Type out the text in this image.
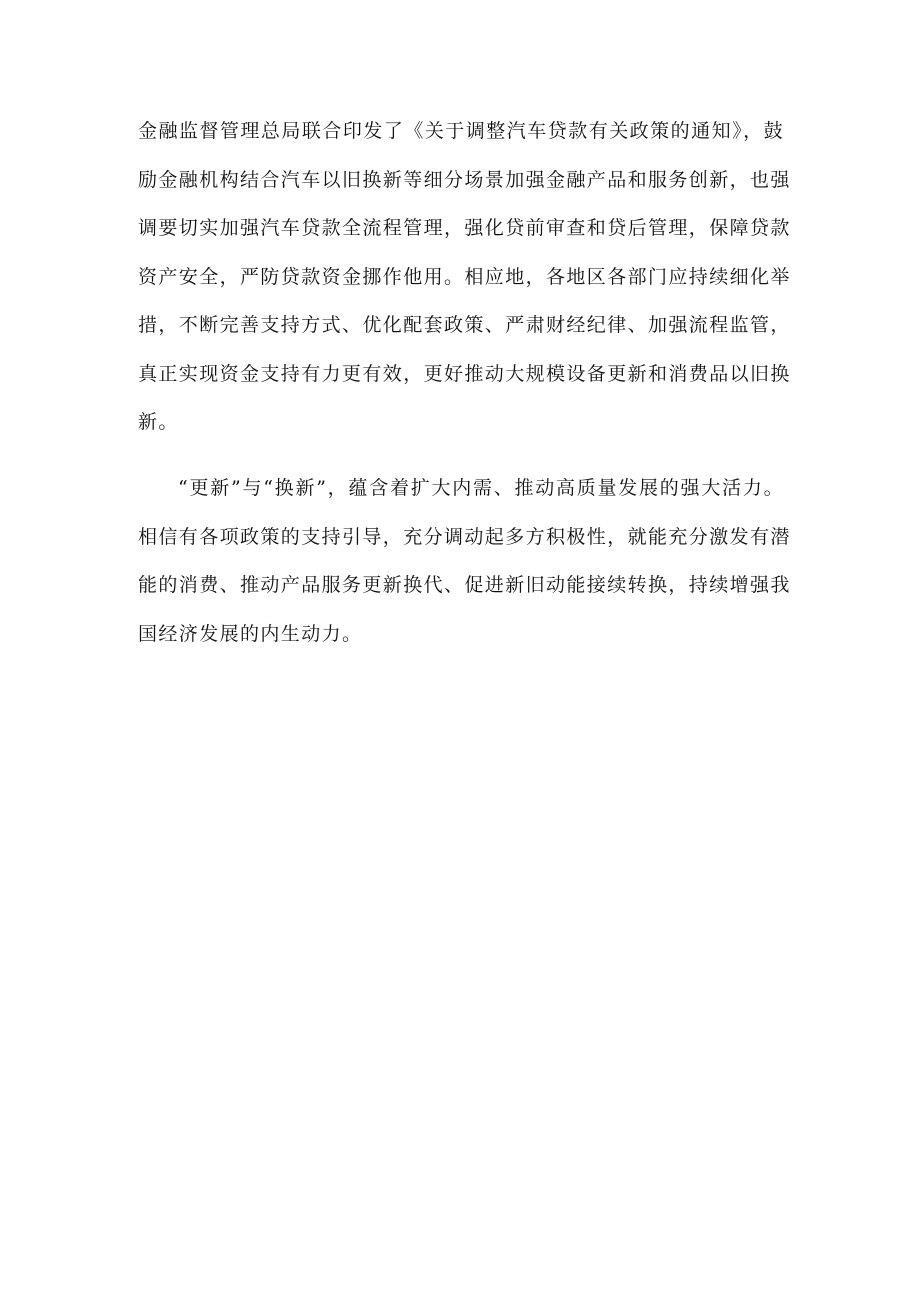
金融监督管理总局联合印发了《关于调整汽车贷款有关政策的通知》，鼓
励金融机构结合汽车以旧换新等细分场景加强金融产品和服务创新，也强
调要切实加强汽车贷款全流程管理，强化贷前审查和贷后管理，保障贷款
资产安全，严防贷款资金挪作他用。相应地，各地区各部门应持续细化举
措，不断完善支持方式、优化配套政策、严肃财经纪律、加强流程监管，
真正实现资金支持有力更有效，更好推动大规模设备更新和消费品以旧换
新。
“更新”与“换新”，蕴含着扩大内需、推动高质量发展的强大活力。
相信有各项政策的支持引导，充分调动起多方积极性，就能充分激发有潜
能的消费、推动产品服务更新换代、促进新旧动能接续转换，持续增强我
国经济发展的内生动力。
